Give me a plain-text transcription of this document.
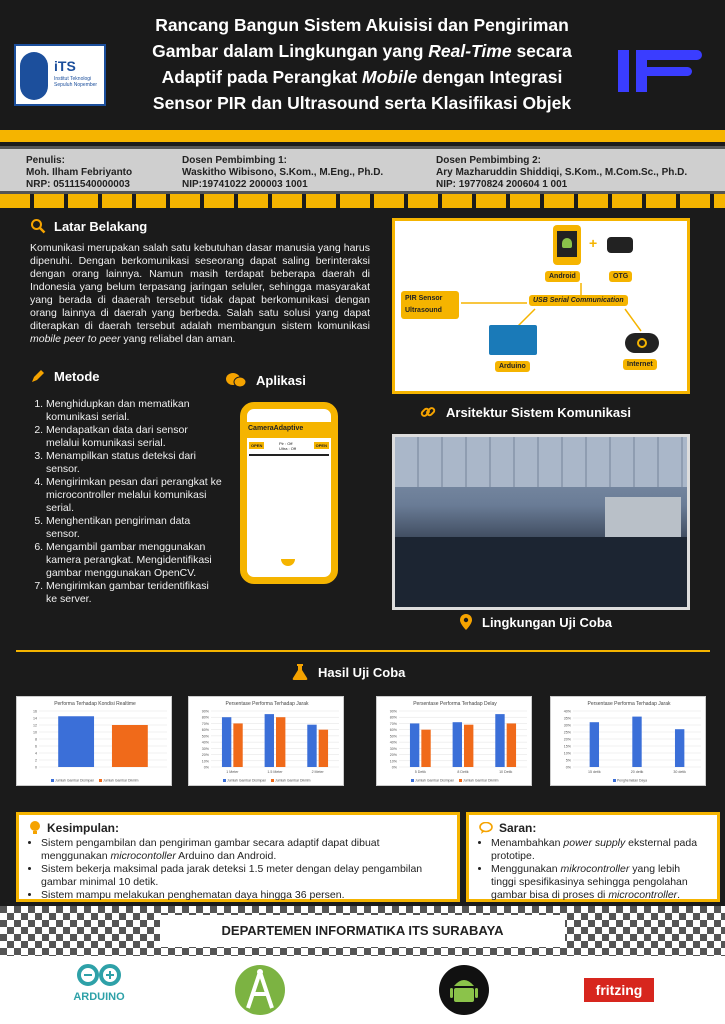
iTS
Institut Teknologi Sepuluh Nopember
Rancang Bangun Sistem Akuisisi dan Pengiriman
Gambar dalam Lingkungan yang Real-Time secara
Adaptif pada Perangkat Mobile dengan Integrasi
Sensor PIR dan Ultrasound serta Klasifikasi Objek
Penulis:
Moh. Ilham Febriyanto
NRP: 05111540000003
Dosen Pembimbing 1:
Waskitho Wibisono, S.Kom., M.Eng., Ph.D.
NIP:19741022 200003 1001
Dosen Pembimbing 2:
Ary Mazharuddin Shiddiqi, S.Kom., M.Com.Sc., Ph.D.
NIP: 19770824 200604 1 001
Latar Belakang

Komunikasi merupakan salah satu kebutuhan dasar manusia yang harus dipenuhi. Dengan berkomunikasi seseorang dapat saling berinteraksi dengan orang lainnya. Namun masih terdapat beberapa daerah di Indonesia yang belum terpasang jaringan seluler, sehingga masyarakat yang berada di daaerah tersebut tidak dapat berkomunikasi dengan orang lainnya di daerah yang berbeda. Salah satu solusi yang dapat diterapkan di daerah tersebut adalah membangun sistem komunikasi mobile peer to peer yang reliabel dan aman.

Metode
1. Menghidupkan dan mematikan komunikasi serial.
2. Mendapatkan data dari sensor melalui komunikasi serial.
3. Menampilkan status deteksi dari sensor.
4. Mengirimkan pesan dari perangkat ke microcontroller melalui komunikasi serial.
5. Menghentikan pengiriman data sensor.
6. Mengambil gambar menggunakan kamera perangkat. Mengidentifikasi gambar menggunakan OpenCV.
7. Mengirimkan gambar teridentifikasi ke server.
Aplikasi
CameraAdaptive
OPEN	Pir : Off
Ultra : Off
OPEN
+
Android	OTG
PIR Sensor
Ultrasound
USB Serial Communication
Arduino	Internet
Arsitektur Sistem Komunikasi
Lingkungan Uji Coba
Hasil Uji Coba
Performa Terhadap Kondisi Realtime
0
2
4
6
8
10
12
14
16
Jumlah Gambar Disimpan	Jumlah Gambar Dikirim
Persentase Performa Terhadap Jarak
0%
10%
20%
30%
40%
50%
60%
70%
80%
90%
1 Meter	1.5 Meter	2 Meter
Jumlah Gambar Disimpan	Jumlah Gambar Dikirim
Persentase Performa Terhadap Delay
0%
10%
20%
30%
40%
50%
60%
70%
80%
90%
5 Detik	8 Detik	10 Detik
Jumlah Gambar Disimpan	Jumlah Gambar Dikirim
Persentase Performa Terhadap Jarak
0%
5%
10%
15%
20%
25%
30%
35%
40%
15 detik	20 detik	30 detik
Penghematan Daya
Kesimpulan:
• Sistem pengambilan dan pengiriman gambar secara adaptif dapat dibuat menggunakan microcontoller Arduino dan Android.
• Sistem bekerja maksimal pada jarak deteksi 1.5 meter dengan delay pengambilan gambar minimal 10 detik.
• Sistem mampu melakukan penghematan daya hingga 36 persen.
Saran:
• Menambahkan power supply eksternal pada prototipe.
• Menggunakan mikrocontroller yang lebih tinggi spesifikasinya sehingga pengolahan gambar bisa di proses di microcontroller.
DEPARTEMEN INFORMATIKA ITS SURABAYA
ARDUINO	fritzing
